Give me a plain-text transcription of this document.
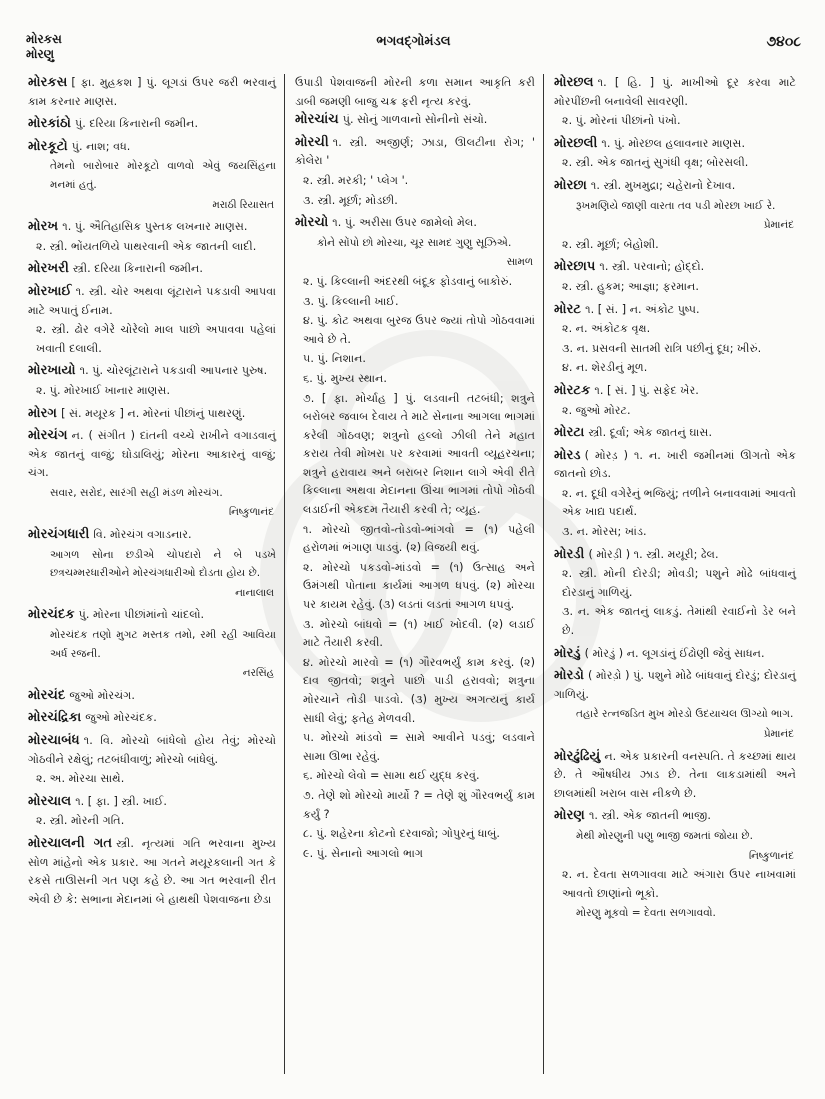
મોરકસ
મોરણુ
ભગવદ્ગોમંડલ	૭૪૦૮
મોરકસ [ ફા. મુહ્રકશ ] પું. લૂગડાં ઉપર જરી ભરવાનું કામ કરનાર માણસ.
મોરકાંઠો પું. દરિયા કિનારાની જમીન.
મોરકૂટો પું. નાશ; વધ.
તેમનો બારોબાર મોરકૂટો વાળવો એવું જયસિંહના મનમાં હતું.
મરાઠી રિયાસત
મોરખ ૧. પું. ઐતિહાસિક પુસ્તક લખનાર માણસ.
૨. સ્ત્રી. ભોંયતળિયે પાથરવાની એક જાતની લાદી.
મોરખરી સ્ત્રી. દરિયા કિનારાની જમીન.
મોરખાઈ ૧. સ્ત્રી. ચોર અથવા લૂંટારાને પકડાવી આપવા માટે અપાતું ઈનામ.
૨. સ્ત્રી. ઢોર વગેરે ચોરેલો માલ પાછો અપાવવા પહેલાં ખવાતી દલાલી.
મોરખાયો ૧. પું. ચોરલૂંટારાને પકડાવી આપનાર પુરુષ.
૨. પું. મોરખાઈ ખાનાર માણસ.
મોરગ [ સં. મયૂરક ] ન. મોરનાં પીછાંનું પાથરણું.
મોરચંગ ન. ( સંગીત ) દાંતની વચ્ચે રાખીને વગાડવાનું એક જાતનું વાજું; ઘોડાલિયું; મોરના આકારનું વાજું; ચંગ.
સવાર, સરોદ, સારંગી સહી મંડળ મોરચંગ.
નિષ્કુળાનંદ
મોરચંગધારી વિ. મોરચંગ વગાડનાર.
આગળ સોના છડીએ ચોપદારો ને બે પડખે છત્રચમ્મરધારીઓને મોરચંગધારીઓ દોડતા હોય છે.
નાનાલાલ
મોરચંદક પું. મોરના પીછાંમાંનો ચાંદલો.
મોરચંદક તણો મુગટ મસ્તક તમો, રમી રહી આવિયા અર્ધ રજની.
નરસિંહ
મોરચંદ જુઓ મોરચંગ.
મોરચંદ્રિકા જુઓ મોરચંદક.
મોરચાબંધ ૧. વિ. મોરચો બાંધેલો હોય તેવું; મોરચો ગોઠવીને રક્ષેલું; તટબંધીવાળું; મોરચો બાંધેલું.
૨. અ. મોરચા સાથે.
મોરચાલ ૧. [ ફા. ] સ્ત્રી. ખાઈ.
૨. સ્ત્રી. મોરની ગતિ.
મોરચાલની ગત સ્ત્રી. નૃત્યમાં ગતિ ભરવાના મુખ્ય સોળ માંહેનો એક પ્રકાર. આ ગતને મયૂરકલાની ગત કે રકસે તાઊસની ગત પણ કહે છે. આ ગત ભરવાની રીત એવી છે કે: સભાના મેદાનમાં બે હાથથી પેશવાજના છેડા
ઉપાડી પેશવાજની મોરની કળા સમાન આકૃતિ કરી ડાબી જમણી બાજુ ચક્ર ફરી નૃત્ય કરવું.
મોરચાંચ પું. સોનું ગાળવાનો સોનીનો સંચો.
મોરચી ૧. સ્ત્રી. અજીર્ણ; ઝાડા, ઊલટીના રોગ; ' કોલેરા '
૨. સ્ત્રી. મરકી; ' પ્લેગ '.
૩. સ્ત્રી. મૂર્છા; મોડછી.
મોરચો ૧. પું. અરીસા ઉપર જામેલો મેલ.
કોને સોંપો છો મોરચા, ચૂર સામદ ગુણુ સૂઝિએ.
સામળ
૨. પું. કિલ્લાની અંદરથી બંદૂક ફોડવાનું બાકોરું.
૩. પું. કિલ્લાની ખાઈ.
૪. પું. કોટ અથવા બુરજ ઉપર જ્યાં તોપો ગોઠવવામાં આવે છે તે.
૫. પું. નિશાન.
૬. પું. મુખ્ય સ્થાન.
૭. [ ફા. મોર્ચાહ ] પું. લડવાની તટબંધી; શત્રુને બરોબર જવાબ દેવાય તે માટે સેનાના આગલા ભાગમાં કરેલી ગોઠવણ; શત્રુનો હલ્લો ઝીલી તેને મહાત કરાય તેવી મોખરા પર કરવામાં આવતી વ્યૂહરચના; શત્રુને હરાવાય અને બરાબર નિશાન લાગે એવી રીતે કિલ્લાના અથવા મેદાનના ઊંચા ભાગમાં તોપો ગોઠવી લડાઈની એકદમ તૈયારી કરવી તે; વ્યૂહ.
૧. મોરચો જીતવો-તોડવો-ભાંગવો = (૧) પહેલી હરોળમાં ભંગાણ પાડવું. (૨) વિજયી થવું.
૨. મોરચો પકડવો-માંડવો = (૧) ઉત્સાહ અને ઉમંગથી પોતાના કાર્યમાં આગળ ધપવું. (૨) મોરચા પર કાયમ રહેવું. (૩) લડતાં લડતાં આગળ ધપવું.
૩. મોરચો બાંધવો = (૧) ખાઈ ખોદવી. (૨) લડાઈ માટે તૈયારી કરવી.
૪. મોરચો મારવો = (૧) ગૌરવભર્યું કામ કરવું. (૨) દાવ જીતવો; શત્રુને પાછો પાડી હરાવવો; શત્રુના મોરચાને તોડી પાડવો. (૩) મુખ્ય અગત્યનું કાર્ય સાધી લેવું; ફતેહ મેળવવી.
૫. મોરચો માંડવો = સામે આવીને પડવું; લડવાને સામા ઊભા રહેવું.
૬. મોરચો લેવો = સામા થઈ યુદ્ધ કરવું.
૭. તેણે શો મોરચો માર્યો ? = તેણે શું ગૌરવભર્યું કામ કર્યું ?
૮. પું. શહેરના કોટનો દરવાજો; ગોપુરનું ધાબું.
૯. પું. સેનાનો આગલો ભાગ
મોરછલ ૧. [ હિ. ] પું. માખીઓ દૂર કરવા માટે મોરપીંછની બનાવેલી સાવરણી.
૨. પું. મોરનાં પીછાંનો પંખો.
મોરછલી ૧. પું. મોરછલ હલાવનાર માણસ.
૨. સ્ત્રી. એક જાતનું સુગંધી વૃક્ષ; બોરસલી.
મોરછા ૧. સ્ત્રી. મુખમુદ્રા; ચહેરાનો દેખાવ.
રૂખમણિયે જાણી વારતા તવ પડી મોરછા ખાઈ રે.
પ્રેમાનંદ
૨. સ્ત્રી. મૂર્છા; બેહોશી.
મોરછાપ ૧. સ્ત્રી. પરવાનો; હોદ્દો.
૨. સ્ત્રી. હુકમ; આજ્ઞા; ફરમાન.
મોરટ ૧. [ સં. ] ન. અંકોટ પુષ્પ.
૨. ન. અંકોટક વૃક્ષ.
૩. ન. પ્રસવની સાતમી રાત્રિ પછીનું દૂધ; ખીરું.
૪. ન. શેરડીનું મૂળ.
મોરટક ૧. [ સં. ] પું. સફેદ ખેર.
૨. જુઓ મોરટ.
મોરટા સ્ત્રી. દૂર્વા; એક જાતનું ઘાસ.
મોરડ ( મોરડ઼ ) ૧. ન. ખારી જમીનમાં ઊગતો એક જાતનો છોડ.
૨. ન. દૂધી વગેરેનું ભજિયું; તળીને બનાવવામાં આવતો એક ખાદ્ય પદાર્થ.
૩. ન. મોરસ; ખાંડ.
મોરડી ( મોરડ઼ી ) ૧. સ્ત્રી. મયૂરી; ઢેલ.
૨. સ્ત્રી. મોની દોરડી; મોવડી; પશુને મોઢે બાંધવાનું દોરડાનું ગાળિયું.
૩. ન. એક જાતનું લાકડું. તેમાંથી રવાઈનો ડેર બને છે.
મોરડું ( મોરડ઼ું ) ન. લૂગડાંનું ઈંઢોણી જેવું સાધન.
મોરડો ( મોરડ઼ો ) પું. પશુને મોઢે બાંધવાનું દોરડું; દોરડાનું ગાળિયું.
તહારે રત્નજડિત મુખ મોરડો ઉદયાચલ ઊગ્યો ભાગ.
પ્રેમાનંદ
મોરઢુંઢિયું ન. એક પ્રકારની વનસ્પતિ. તે કચ્છમાં થાય છે. તે ઔષધીય ઝાડ છે. તેના લાકડામાંથી અને છાલમાંથી ખરાબ વાસ નીકળે છે.
મોરણ ૧. સ્ત્રી. એક જાતની ભાજી.
મેથી મોરણુની પણુ ભાજી જમતાં જોયા છે.
નિષ્કુળાનંદ
૨. ન. દેવતા સળગાવવા માટે અંગારા ઉપર નાખવામાં આવતો છાણાંનો ભૂકો.
મોરણુ મૂકવો = દેવતા સળગાવવો.
